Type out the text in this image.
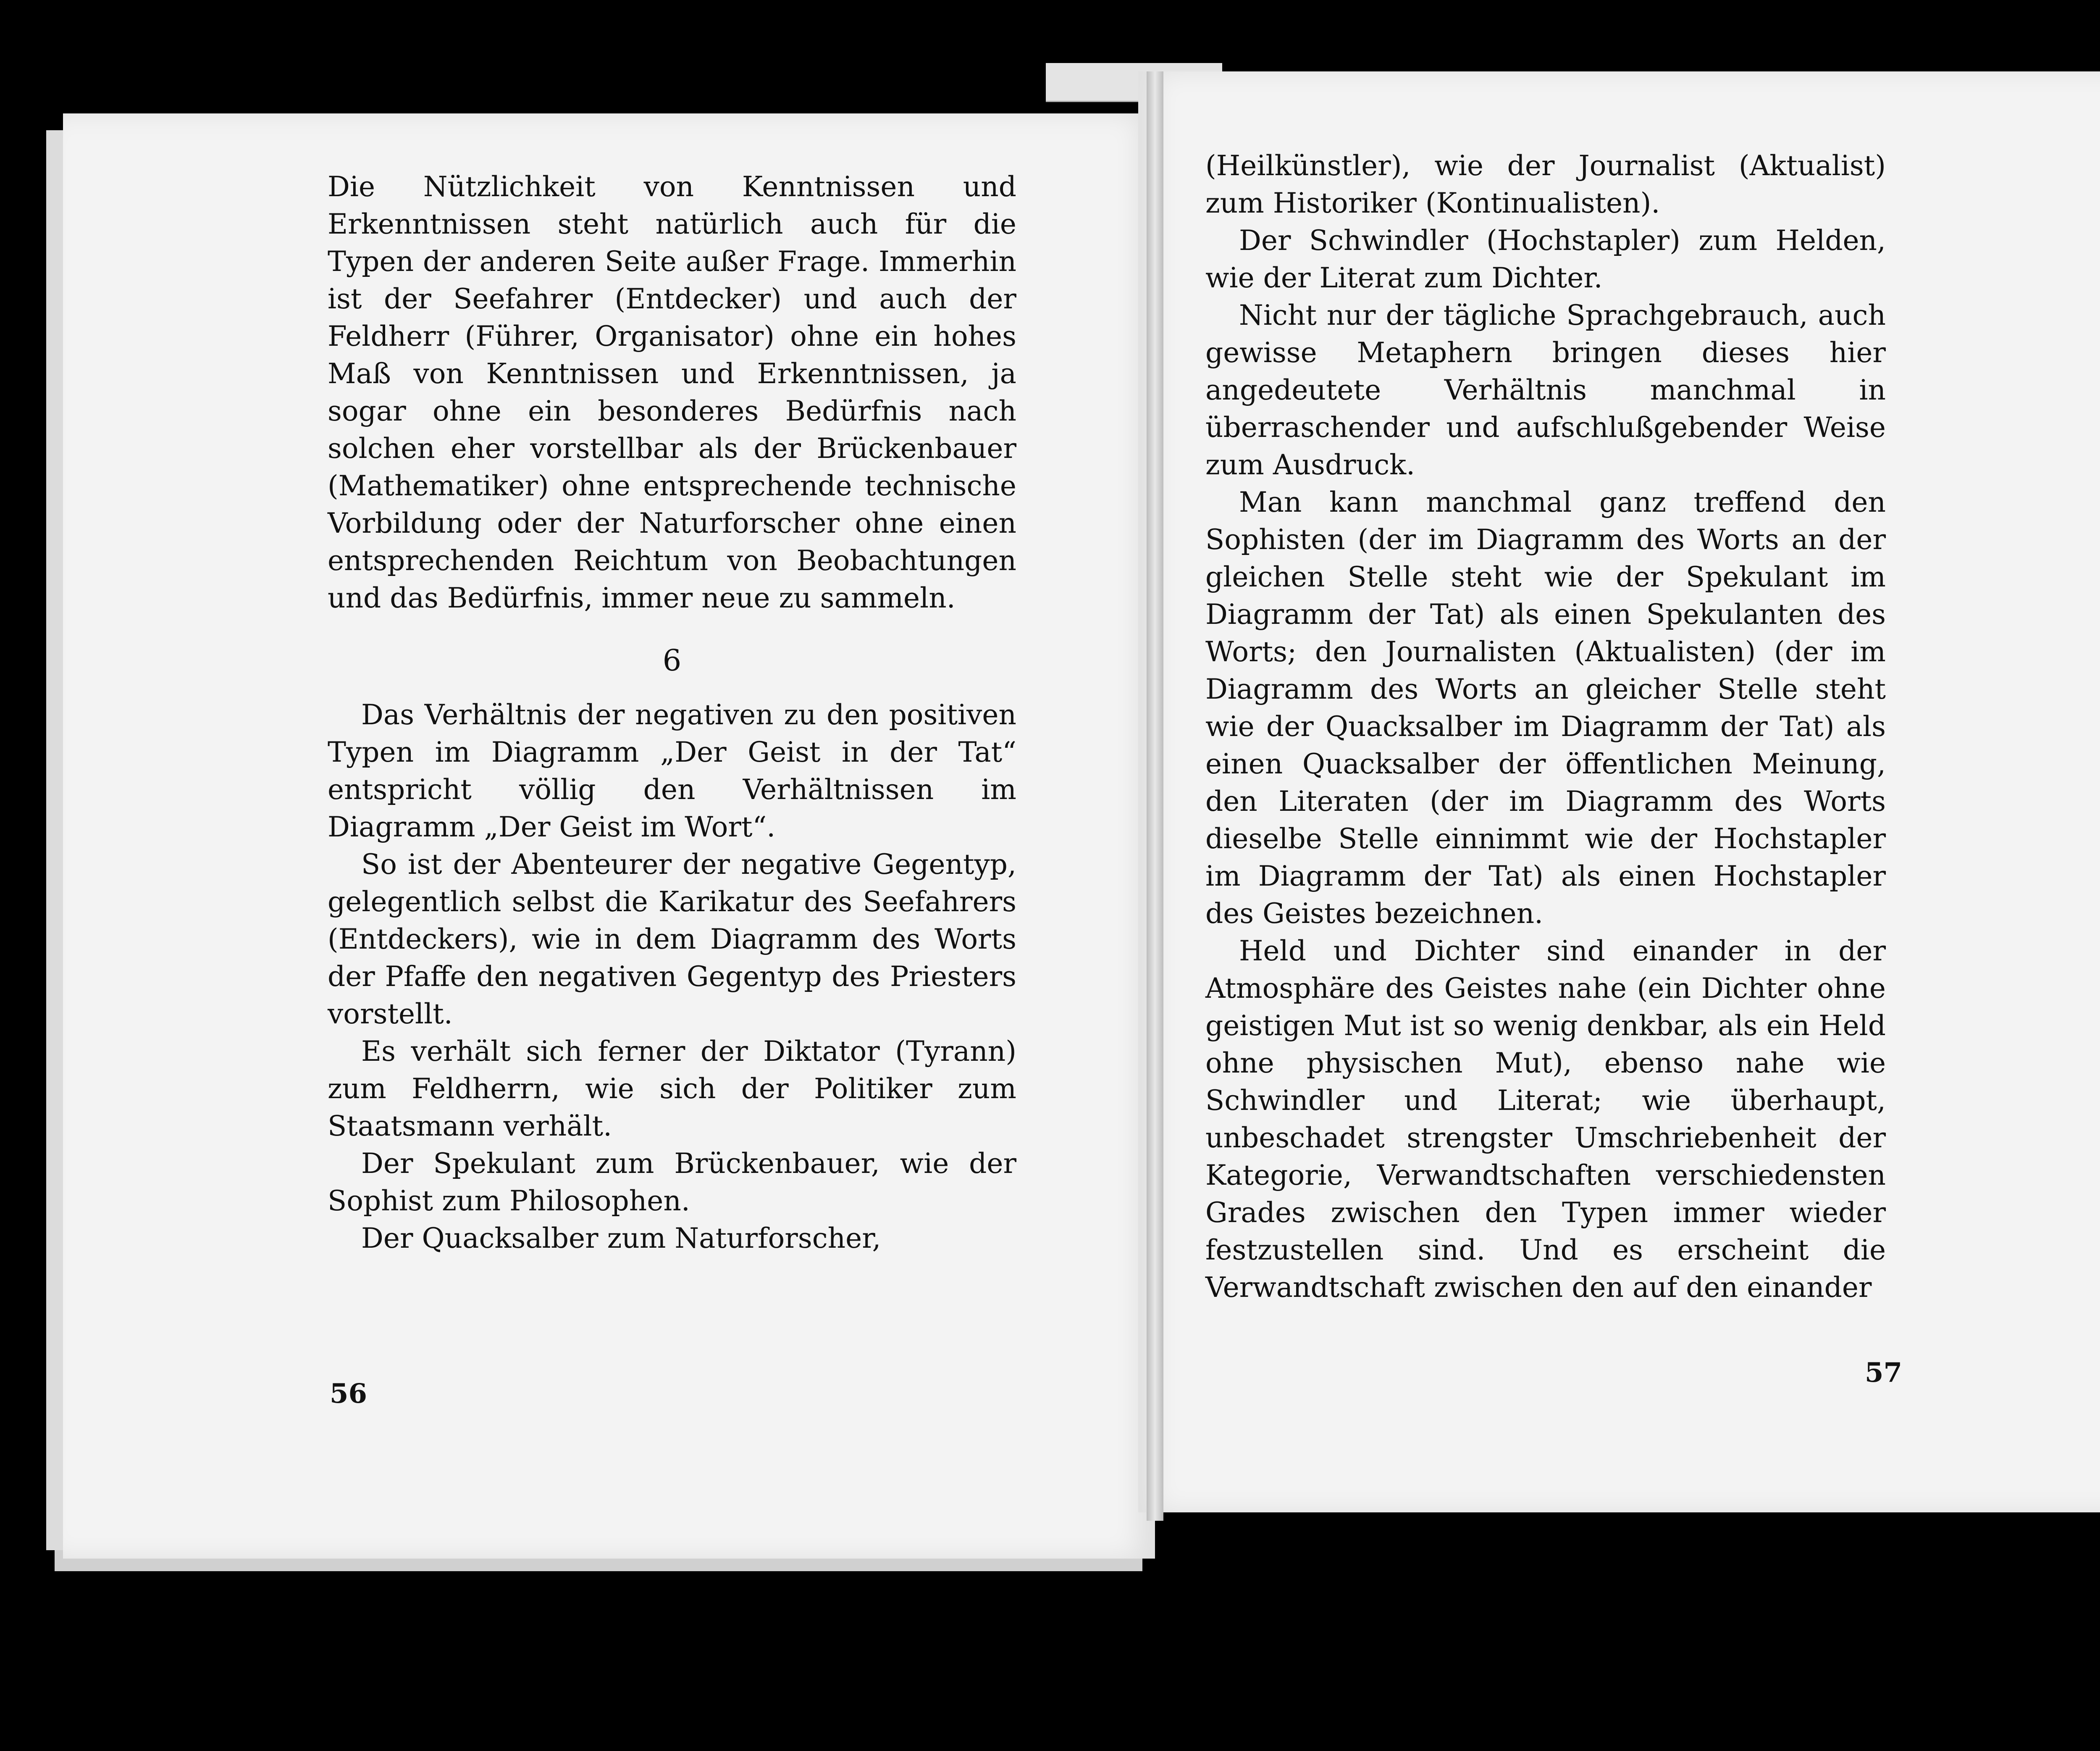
Die Nützlichkeit von Kenntnissen und Erkenntnissen steht natürlich auch für die Typen der anderen Seite außer Frage. Immerhin ist der Seefahrer (Entdecker) und auch der Feldherr (Führer, Organisator) ohne ein hohes Maß von Kenntnissen und Erkenntnissen, ja sogar ohne ein besonderes Bedürfnis nach solchen eher vorstellbar als der Brückenbauer (Mathematiker) ohne entsprechende technische Vorbildung oder der Naturforscher ohne einen entsprechenden Reichtum von Beobachtungen und das Bedürfnis, immer neue zu sammeln.

6

Das Verhältnis der negativen zu den positiven Typen im Diagramm „Der Geist in der Tat“ entspricht völlig den Verhältnissen im Diagramm „Der Geist im Wort“.

So ist der Abenteurer der negative Gegentyp, gelegentlich selbst die Karikatur des Seefahrers (Entdeckers), wie in dem Diagramm des Worts der Pfaffe den negativen Gegentyp des Priesters vorstellt.

Es verhält sich ferner der Diktator (Tyrann) zum Feldherrn, wie sich der Politiker zum Staatsmann verhält.

Der Spekulant zum Brückenbauer, wie der Sophist zum Philosophen.

Der Quacksalber zum Naturforscher,

56

(Heilkünstler), wie der Journalist (Aktualist) zum Historiker (Kontinualisten).

Der Schwindler (Hochstapler) zum Helden, wie der Literat zum Dichter.

Nicht nur der tägliche Sprachgebrauch, auch gewisse Metaphern bringen dieses hier angedeutete Verhältnis manchmal in überraschender und aufschlußgebender Weise zum Ausdruck.

Man kann manchmal ganz treffend den Sophisten (der im Diagramm des Worts an der gleichen Stelle steht wie der Spekulant im Diagramm der Tat) als einen Spekulanten des Worts; den Journalisten (Aktualisten) (der im Diagramm des Worts an gleicher Stelle steht wie der Quacksalber im Diagramm der Tat) als einen Quacksalber der öffentlichen Meinung, den Literaten (der im Diagramm des Worts dieselbe Stelle einnimmt wie der Hochstapler im Diagramm der Tat) als einen Hochstapler des Geistes bezeichnen.

Held und Dichter sind einander in der Atmosphäre des Geistes nahe (ein Dichter ohne geistigen Mut ist so wenig denkbar, als ein Held ohne physischen Mut), ebenso nahe wie Schwindler und Literat; wie überhaupt, unbeschadet strengster Umschriebenheit der Kategorie, Verwandtschaften verschiedensten Grades zwischen den Typen immer wieder festzustellen sind. Und es erscheint die Verwandtschaft zwischen den auf den einander

57
